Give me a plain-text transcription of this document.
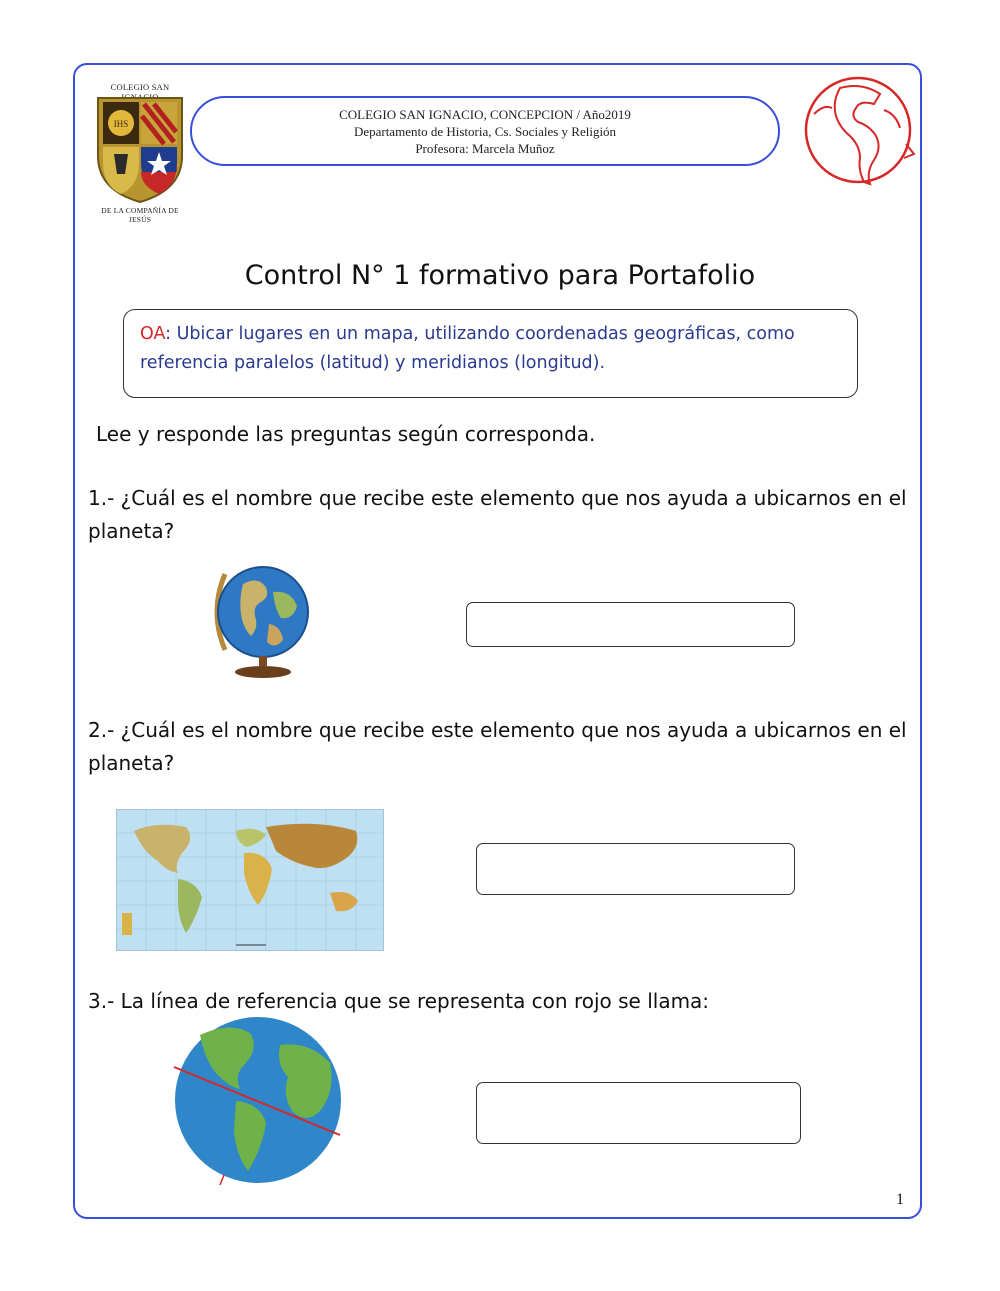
COLEGIO SAN
IHS
DE LA COMPAÑÍA DE JESÚS
COLEGIO SAN IGNACIO, CONCEPCION / Año2019
Departamento de Historia, Cs. Sociales y Religión
Profesora: Marcela Muñoz
Control N° 1 formativo para Portafolio
OA: Ubicar lugares en un mapa, utilizando coordenadas geográficas, como referencia paralelos (latitud) y meridianos (longitud).
Lee y responde las preguntas según corresponda.
1.- ¿Cuál es el nombre que recibe este elemento que nos ayuda a ubicarnos en el planeta?
2.- ¿Cuál es el nombre que recibe este elemento que nos ayuda a ubicarnos en el planeta?
3.- La línea de referencia que se representa con rojo se llama:
1
